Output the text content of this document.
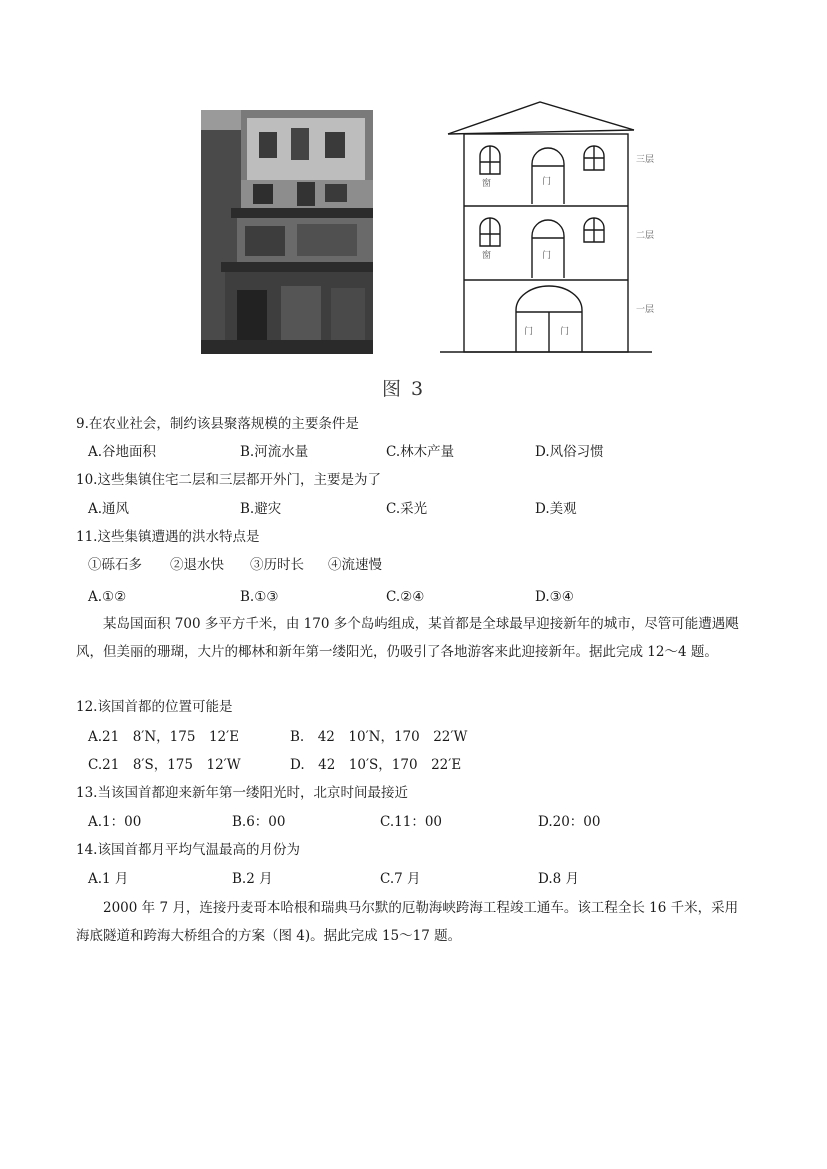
窗	门
窗	门
门	门
三层
二层
一层
图 3
9.在农业社会，制约该县聚落规模的主要条件是
A.谷地面积	B.河流水量	C.林木产量	D.风俗习惯
10.这些集镇住宅二层和三层都开外门，主要是为了
A.通风	B.避灾	C.采光	D.美观
11.这些集镇遭遇的洪水特点是
①砾石多 ②退水快 ③历时长 ④流速慢
A.①②	B.①③	C.②④	D.③④
某岛国面积 700 多平方千米，由 170 多个岛屿组成，某首都是全球最早迎接新年的城市，尽管可能遭遇飓风，但美丽的珊瑚，大片的椰林和新年第一缕阳光，仍吸引了各地游客来此迎接新年。据此完成 12～4 题。
12.该国首都的位置可能是
A.21　8′N，175　12′E	B.　42　10′N，170　22′W
C.21　8′S，175　12′W	D.　42　10′S，170　22′E
13.当该国首都迎来新年第一缕阳光时，北京时间最接近
A.1：00	B.6：00	C.11：00	D.20：00
14.该国首都月平均气温最高的月份为
A.1 月	B.2 月	C.7 月	D.8 月
2000 年 7 月，连接丹麦哥本哈根和瑞典马尔默的厄勒海峡跨海工程竣工通车。该工程全长 16 千米，采用海底隧道和跨海大桥组合的方案（图 4)。据此完成 15～17 题。
